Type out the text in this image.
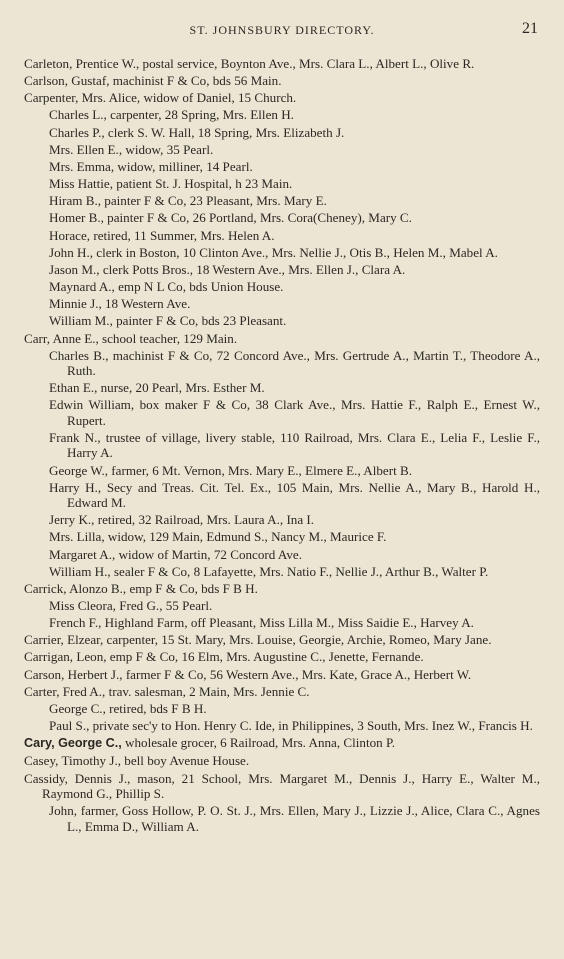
ST. JOHNSBURY DIRECTORY.	21
Carleton, Prentice W., postal service, Boynton Ave., Mrs. Clara L., Albert L., Olive R.
Carlson, Gustaf, machinist F & Co, bds 56 Main.
Carpenter, Mrs. Alice, widow of Daniel, 15 Church.
Charles L., carpenter, 28 Spring, Mrs. Ellen H.
Charles P., clerk S. W. Hall, 18 Spring, Mrs. Elizabeth J.
Mrs. Ellen E., widow, 35 Pearl.
Mrs. Emma, widow, milliner, 14 Pearl.
Miss Hattie, patient St. J. Hospital, h 23 Main.
Hiram B., painter F & Co, 23 Pleasant, Mrs. Mary E.
Homer B., painter F & Co, 26 Portland, Mrs. Cora(Cheney), Mary C.
Horace, retired, 11 Summer, Mrs. Helen A.
John H., clerk in Boston, 10 Clinton Ave., Mrs. Nellie J., Otis B., Helen M., Mabel A.
Jason M., clerk Potts Bros., 18 Western Ave., Mrs. Ellen J., Clara A.
Maynard A., emp N L Co, bds Union House.
Minnie J., 18 Western Ave.
William M., painter F & Co, bds 23 Pleasant.
Carr, Anne E., school teacher, 129 Main.
Charles B., machinist F & Co, 72 Concord Ave., Mrs. Gertrude A., Martin T., Theodore A., Ruth.
Ethan E., nurse, 20 Pearl, Mrs. Esther M.
Edwin William, box maker F & Co, 38 Clark Ave., Mrs. Hattie F., Ralph E., Ernest W., Rupert.
Frank N., trustee of village, livery stable, 110 Railroad, Mrs. Clara E., Lelia F., Leslie F., Harry A.
George W., farmer, 6 Mt. Vernon, Mrs. Mary E., Elmere E., Albert B.
Harry H., Secy and Treas. Cit. Tel. Ex., 105 Main, Mrs. Nellie A., Mary B., Harold H., Edward M.
Jerry K., retired, 32 Railroad, Mrs. Laura A., Ina I.
Mrs. Lilla, widow, 129 Main, Edmund S., Nancy M., Maurice F.
Margaret A., widow of Martin, 72 Concord Ave.
William H., sealer F & Co, 8 Lafayette, Mrs. Natio F., Nellie J., Arthur B., Walter P.
Carrick, Alonzo B., emp F & Co, bds F B H.
Miss Cleora, Fred G., 55 Pearl.
French F., Highland Farm, off Pleasant, Miss Lilla M., Miss Saidie E., Harvey A.
Carrier, Elzear, carpenter, 15 St. Mary, Mrs. Louise, Georgie, Archie, Romeo, Mary Jane.
Carrigan, Leon, emp F & Co, 16 Elm, Mrs. Augustine C., Jenette, Fernande.
Carson, Herbert J., farmer F & Co, 56 Western Ave., Mrs. Kate, Grace A., Herbert W.
Carter, Fred A., trav. salesman, 2 Main, Mrs. Jennie C.
George C., retired, bds F B H.
Paul S., private sec'y to Hon. Henry C. Ide, in Philippines, 3 South, Mrs. Inez W., Francis H.
Cary, George C., wholesale grocer, 6 Railroad, Mrs. Anna, Clinton P.
Casey, Timothy J., bell boy Avenue House.
Cassidy, Dennis J., mason, 21 School, Mrs. Margaret M., Dennis J., Harry E., Walter M., Raymond G., Phillip S.
John, farmer, Goss Hollow, P. O. St. J., Mrs. Ellen, Mary J., Lizzie J., Alice, Clara C., Agnes L., Emma D., William A.
